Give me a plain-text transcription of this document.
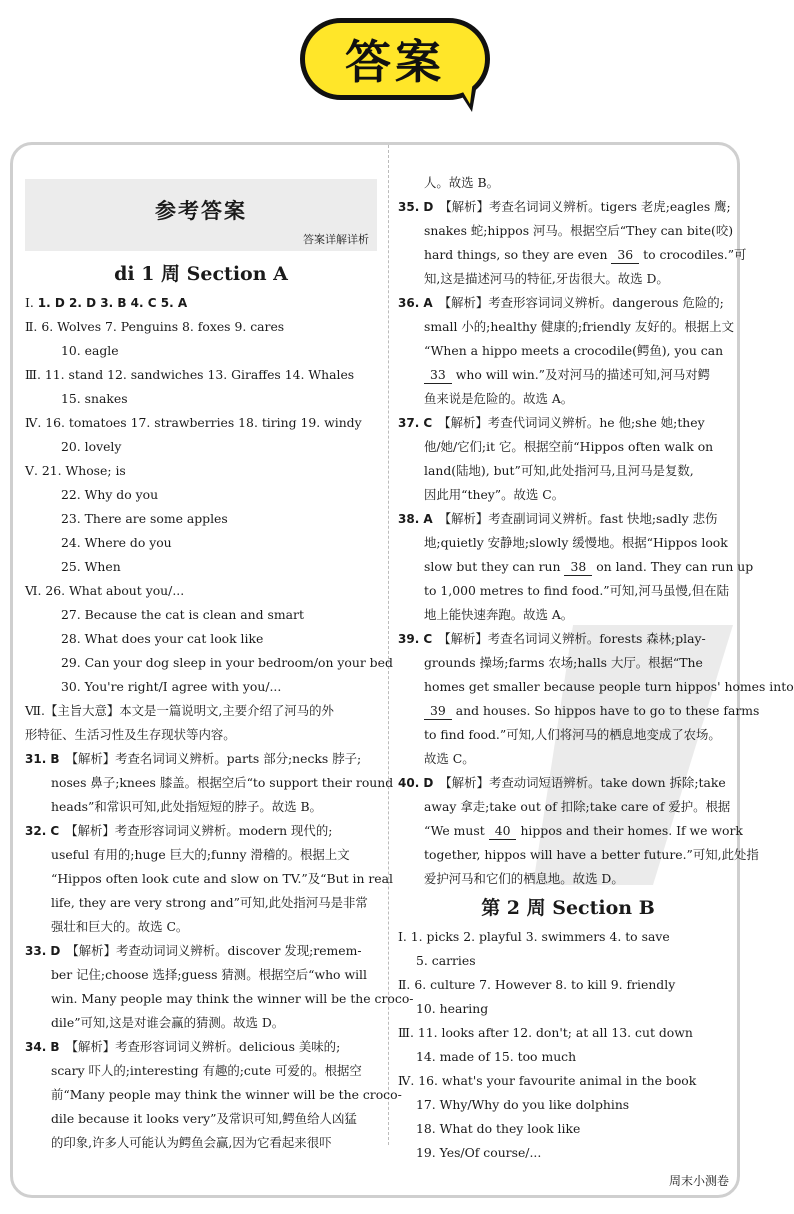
答案
参考答案
答案详解详析
di 1 周 Section A
Ⅰ. 1. D 2. D 3. B 4. C 5. A
Ⅱ. 6. Wolves 7. Penguins 8. foxes 9. cares
10. eagle
Ⅲ. 11. stand 12. sandwiches 13. Giraffes 14. Whales
15. snakes
Ⅳ. 16. tomatoes 17. strawberries 18. tiring 19. windy
20. lovely
Ⅴ. 21. Whose; is
22. Why do you
23. There are some apples
24. Where do you
25. When
Ⅵ. 26. What about you/...
27. Because the cat is clean and smart
28. What does your cat look like
29. Can your dog sleep in your bedroom/on your bed
30. You're right/I agree with you/...
Ⅶ.【主旨大意】本文是一篇说明文,主要介绍了河马的外
形特征、生活习性及生存现状等内容。
31. B 【解析】考查名词词义辨析。parts 部分;necks 脖子;
noses 鼻子;knees 膝盖。根据空后“to support their round
heads”和常识可知,此处指短短的脖子。故选 B。
32. C 【解析】考查形容词词义辨析。modern 现代的;
useful 有用的;huge 巨大的;funny 滑稽的。根据上文
“Hippos often look cute and slow on TV.”及“But in real
life, they are very strong and”可知,此处指河马是非常
强壮和巨大的。故选 C。
33. D 【解析】考查动词词义辨析。discover 发现;remem-
ber 记住;choose 选择;guess 猜测。根据空后“who will
win. Many people may think the winner will be the croco-
dile”可知,这是对谁会赢的猜测。故选 D。
34. B 【解析】考查形容词词义辨析。delicious 美味的;
scary 吓人的;interesting 有趣的;cute 可爱的。根据空
前“Many people may think the winner will be the croco-
dile because it looks very”及常识可知,鳄鱼给人凶猛
的印象,许多人可能认为鳄鱼会赢,因为它看起来很吓
人。故选 B。
35. D 【解析】考查名词词义辨析。tigers 老虎;eagles 鹰;
snakes 蛇;hippos 河马。根据空后“They can bite(咬)
hard things, so they are even 36 to crocodiles.”可
知,这是描述河马的特征,牙齿很大。故选 D。
36. A 【解析】考查形容词词义辨析。dangerous 危险的;
small 小的;healthy 健康的;friendly 友好的。根据上文
“When a hippo meets a crocodile(鳄鱼), you can
33 who will win.”及对河马的描述可知,河马对鳄
鱼来说是危险的。故选 A。
37. C 【解析】考查代词词义辨析。he 他;she 她;they
他/她/它们;it 它。根据空前“Hippos often walk on
land(陆地), but”可知,此处指河马,且河马是复数,
因此用“they”。故选 C。
38. A 【解析】考查副词词义辨析。fast 快地;sadly 悲伤
地;quietly 安静地;slowly 缓慢地。根据“Hippos look
slow but they can run 38 on land. They can run up
to 1,000 metres to find food.”可知,河马虽慢,但在陆
地上能快速奔跑。故选 A。
39. C 【解析】考查名词词义辨析。forests 森林;play-
grounds 操场;farms 农场;halls 大厅。根据“The
homes get smaller because people turn hippos' homes into
39 and houses. So hippos have to go to these farms
to find food.”可知,人们将河马的栖息地变成了农场。
故选 C。
40. D 【解析】考查动词短语辨析。take down 拆除;take
away 拿走;take out of 扣除;take care of 爱护。根据
“We must 40 hippos and their homes. If we work
together, hippos will have a better future.”可知,此处指
爱护河马和它们的栖息地。故选 D。
第 2 周 Section B
Ⅰ. 1. picks 2. playful 3. swimmers 4. to save
5. carries
Ⅱ. 6. culture 7. However 8. to kill 9. friendly
10. hearing
Ⅲ. 11. looks after 12. don't; at all 13. cut down
14. made of 15. too much
Ⅳ. 16. what's your favourite animal in the book
17. Why/Why do you like dolphins
18. What do they look like
19. Yes/Of course/...
周末小测卷
